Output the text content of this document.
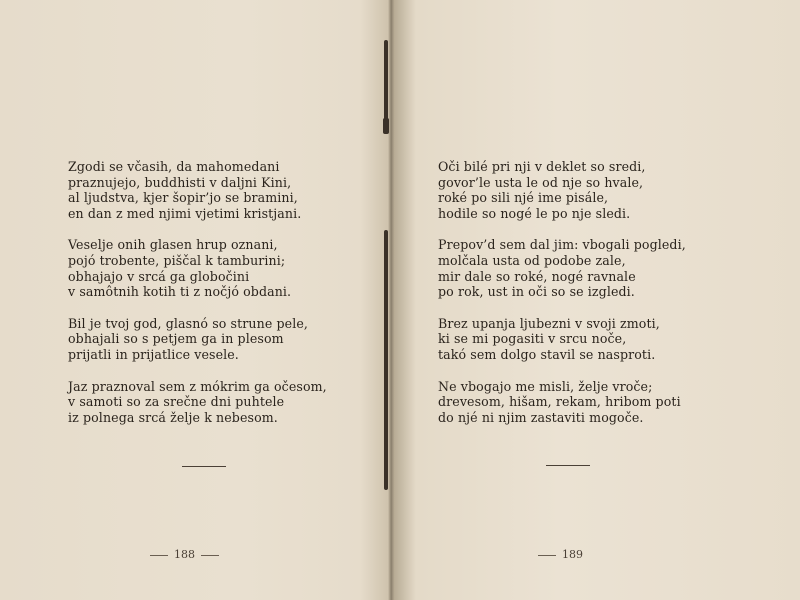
Zgodi se včasih, da mahomedani
praznujejo, buddhisti v daljni Kini,
al ljudstva, kjer šopir’jo se bramini,
en dan z med njimi vjetimi kristjani.
Veselje onih glasen hrup oznani,
pojó trobente, piščal k tamburini;
obhajajo v srcá ga globočini
v samôtnih kotih ti z nočjó obdani.
Bil je tvoj god, glasnó so strune pele,
obhajali so s petjem ga in plesom
prijatli in prijatlice vesele.
Jaz praznoval sem z mókrim ga očesom,
v samoti so za srečne dni puhtele
iz polnega srcá želje k nebesom.
188
Oči bilé pri nji v deklet so sredi,
govor’le usta le od nje so hvale,
roké po sili njé ime pisále,
hodile so nogé le po nje sledi.
Prepov’d sem dal jim: vbogali pogledi,
molčala usta od podobe zale,
mir dale so roké, nogé ravnale
po rok, ust in oči so se izgledi.
Brez upanja ljubezni v svoji zmoti,
ki se mi pogasiti v srcu noče,
takó sem dolgo stavil se nasproti.
Ne vbogajo me misli, želje vroče;
drevesom, hišam, rekam, hribom poti
do njé ni njim zastaviti mogoče.
189
